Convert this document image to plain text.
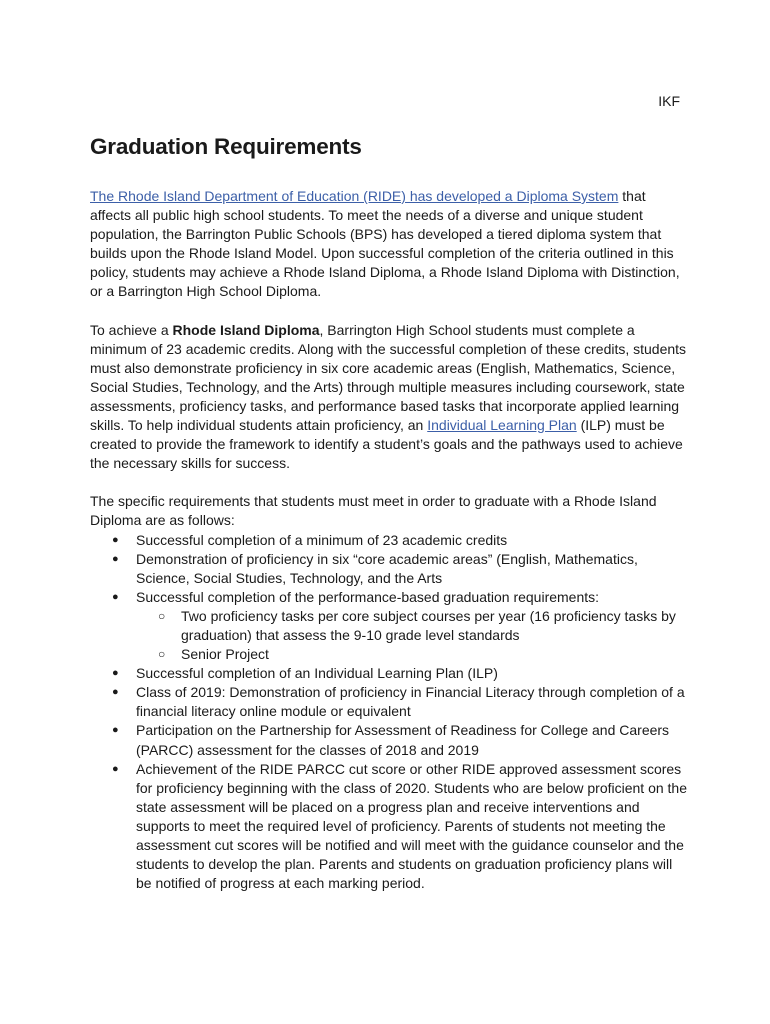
IKF
Graduation Requirements

The Rhode Island Department of Education (RIDE) has developed a Diploma System that affects all public high school students. To meet the needs of a diverse and unique student population, the Barrington Public Schools (BPS) has developed a tiered diploma system that builds upon the Rhode Island Model. Upon successful completion of the criteria outlined in this policy, students may achieve a Rhode Island Diploma, a Rhode Island Diploma with Distinction, or a Barrington High School Diploma.

To achieve a Rhode Island Diploma, Barrington High School students must complete a minimum of 23 academic credits. Along with the successful completion of these credits, students must also demonstrate proficiency in six core academic areas (English, Mathematics, Science, Social Studies, Technology, and the Arts) through multiple measures including coursework, state assessments, proficiency tasks, and performance based tasks that incorporate applied learning skills. To help individual students attain proficiency, an Individual Learning Plan (ILP) must be created to provide the framework to identify a student’s goals and the pathways used to achieve the necessary skills for success.

The specific requirements that students must meet in order to graduate with a Rhode Island Diploma are as follows:
● Successful completion of a minimum of 23 academic credits
● Demonstration of proficiency in six “core academic areas” (English, Mathematics, Science, Social Studies, Technology, and the Arts
● Successful completion of the performance-based graduation requirements:
○ Two proficiency tasks per core subject courses per year (16 proficiency tasks by graduation) that assess the 9-10 grade level standards
○ Senior Project
● Successful completion of an Individual Learning Plan (ILP)
● Class of 2019: Demonstration of proficiency in Financial Literacy through completion of a financial literacy online module or equivalent
● Participation on the Partnership for Assessment of Readiness for College and Careers (PARCC) assessment for the classes of 2018 and 2019
● Achievement of the RIDE PARCC cut score or other RIDE approved assessment scores for proficiency beginning with the class of 2020. Students who are below proficient on the state assessment will be placed on a progress plan and receive interventions and supports to meet the required level of proficiency. Parents of students not meeting the assessment cut scores will be notified and will meet with the guidance counselor and the students to develop the plan. Parents and students on graduation proficiency plans will be notified of progress at each marking period.
